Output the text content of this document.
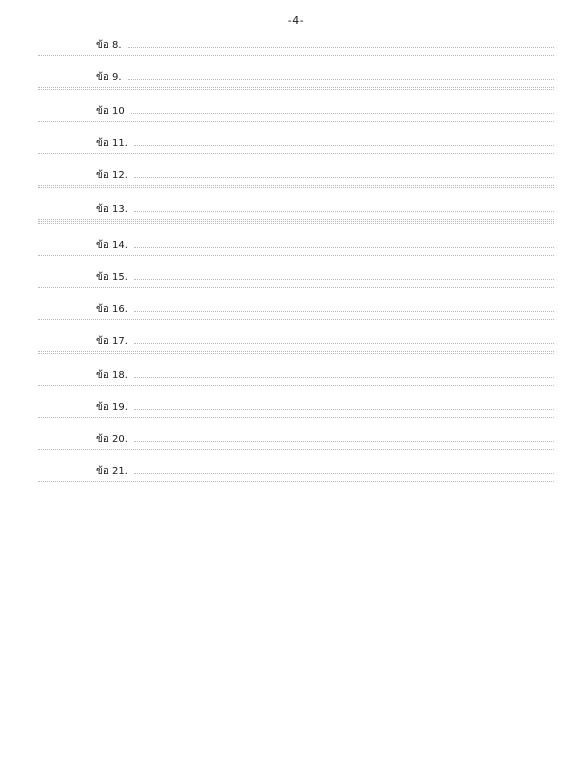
-4-
ข้อ 8.
ข้อ 9.
ข้อ 10
ข้อ 11.
ข้อ 12.
ข้อ 13.
ข้อ 14.
ข้อ 15.
ข้อ 16.
ข้อ 17.
ข้อ 18.
ข้อ 19.
ข้อ 20.
ข้อ 21.
